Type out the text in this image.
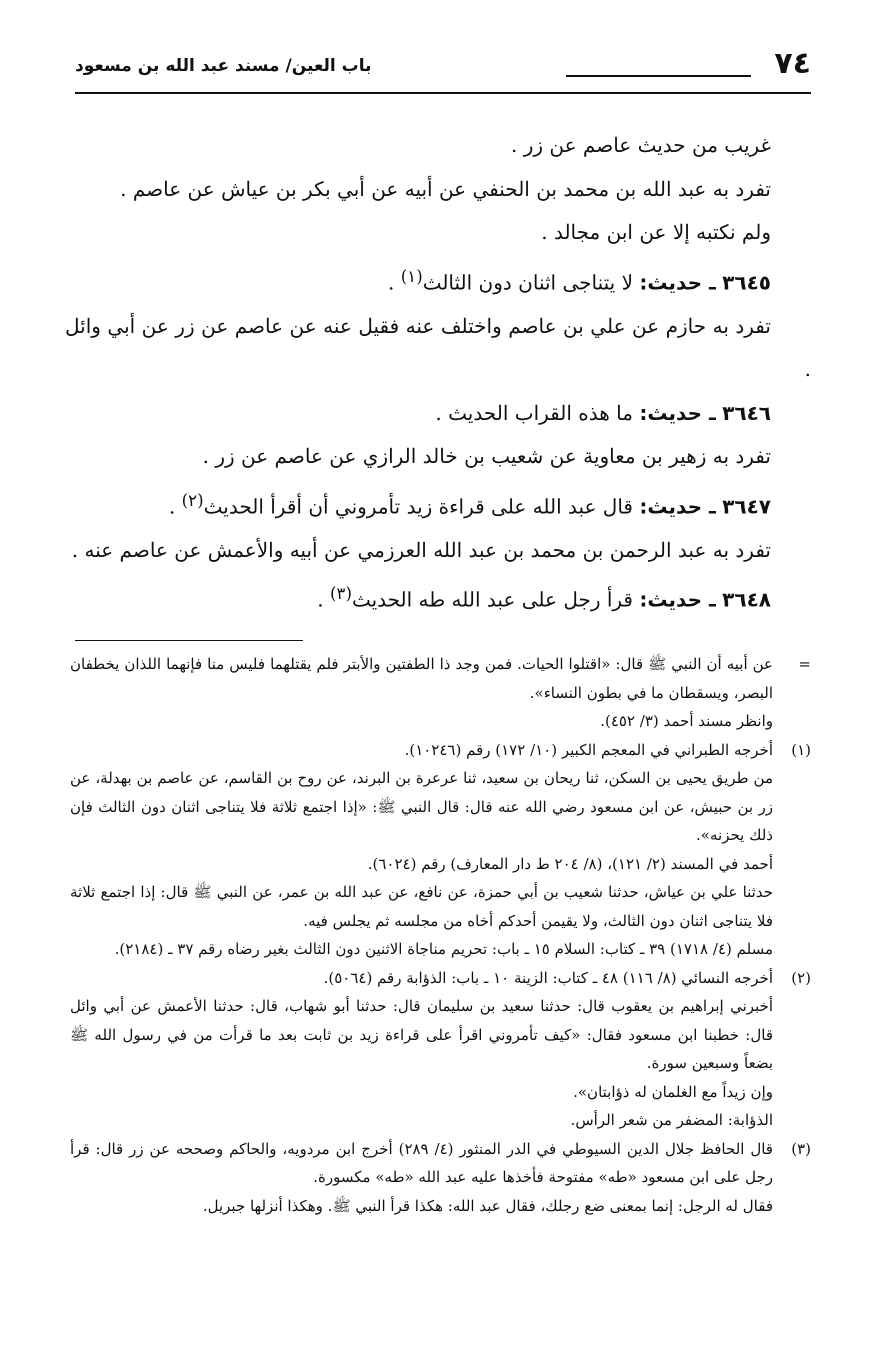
٧٤
باب العين/ مسند عبد الله بن مسعود

غريب من حديث عاصم عن زر .

تفرد به عبد الله بن محمد بن الحنفي عن أبيه عن أبي بكر بن عياش عن عاصم .

ولم نكتبه إلا عن ابن مجالد .

٣٦٤٥ ـ حديث: لا يتناجى اثنان دون الثالث$^{(١)}$ .

تفرد به حازم عن علي بن عاصم واختلف عنه فقيل عنه عن عاصم عن زر عن أبي وائل .

٣٦٤٦ ـ حديث: ما هذه القراب الحديث .

تفرد به زهير بن معاوية عن شعيب بن خالد الرازي عن عاصم عن زر .

٣٦٤٧ ـ حديث: قال عبد الله على قراءة زيد تأمروني أن أقرأ الحديث$^{(٢)}$ .

تفرد به عبد الرحمن بن محمد بن عبد الله العرزمي عن أبيه والأعمش عن عاصم عنه .

٣٦٤٨ ـ حديث: قرأ رجل على عبد الله طه الحديث$^{(٣)}$ .

=

عن أبيه أن النبي ﷺ قال: «اقتلوا الحيات. فمن وجد ذا الطفتين والأبتر فلم يقتلهما فليس منا فإنهما اللذان يخطفان البصر، ويسقطان ما في بطون النساء».

وانظر مسند أحمد (٣/ ٤٥٢).

(١)

أخرجه الطبراني في المعجم الكبير (١٠/ ١٧٢) رقم (١٠٢٤٦).

من طريق يحيى بن السكن، ثنا ريحان بن سعيد، ثنا عرعرة بن البرند، عن روح بن القاسم، عن عاصم بن بهدلة، عن زر بن حبيش، عن ابن مسعود رضي الله عنه قال: قال النبي ﷺ: «إذا اجتمع ثلاثة فلا يتناجى اثنان دون الثالث فإن ذلك يحزنه».

أحمد في المسند (٢/ ١٢١)، (٨/ ٢٠٤ ط دار المعارف) رقم (٦٠٢٤).

حدثنا علي بن عياش، حدثنا شعيب بن أبي حمزة، عن نافع، عن عبد الله بن عمر، عن النبي ﷺ قال: إذا اجتمع ثلاثة فلا يتناجى اثنان دون الثالث، ولا يقيمن أحدكم أخاه من مجلسه ثم يجلس فيه.

مسلم (٤/ ١٧١٨) ٣٩ ـ كتاب: السلام ١٥ ـ باب: تحريم مناجاة الاثنين دون الثالث بغير رضاه رقم ٣٧ ـ (٢١٨٤).

(٢)

أخرجه النسائي (٨/ ١١٦) ٤٨ ـ كتاب: الزينة ١٠ ـ باب: الذؤابة رقم (٥٠٦٤).

أخبرني إبراهيم بن يعقوب قال: حدثنا سعيد بن سليمان قال: حدثنا أبو شهاب، قال: حدثنا الأعمش عن أبي وائل قال: خطبنا ابن مسعود فقال: «كيف تأمروني اقرأ على قراءة زيد بن ثابت بعد ما قرأت من في رسول الله ﷺ بضعاً وسبعين سورة.

وإن زيداً مع الغلمان له ذؤابتان».

الذؤابة: المضفر من شعر الرأس.

(٣)

قال الحافظ جلال الدين السيوطي في الدر المنثور (٤/ ٢٨٩) أخرج ابن مردويه، والحاكم وصححه عن زر قال: قرأ رجل على ابن مسعود «طه» مفتوحة فأخذها عليه عبد الله «طه» مكسورة.

فقال له الرجل: إنما بمعنى ضع رجلك، فقال عبد الله: هكذا قرأ النبي ﷺ. وهكذا أنزلها جبريل.
